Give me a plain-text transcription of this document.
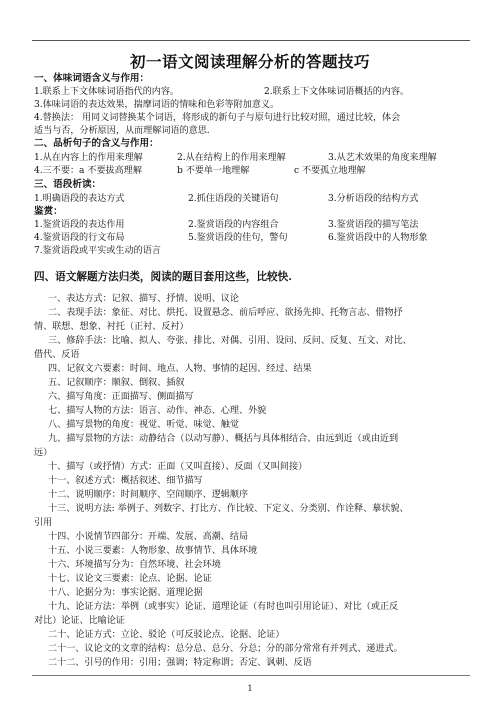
初一语文阅读理解分析的答题技巧
一、体味词语含义与作用：
1.联系上下文体味词语指代的内容。	2.联系上下文体味词语概括的内容。
3.体味词语的表达效果，揣摩词语的情味和色彩等附加意义。
4.替换法： 用同义词替换某个词语，将形成的新句子与原句进行比较对照，通过比较，体会
适当与否，分析原因，从而理解词语的意思.
二、品析句子的含义与作用：
1.从在内容上的作用来理解	2.从在结构上的作用来理解	3.从艺术效果的角度来理解
4.三不要：a 不要拔高理解	b 不要单一地理解	c 不要孤立地理解
三、语段析读：
1.明确语段的表达方式	2.抓住语段的关键语句	3.分析语段的结构方式
鉴赏：
1.鉴赏语段的表达作用	2.鉴赏语段的内容组合	3.鉴赏语段的描写笔法
4.鉴赏语段的行文布局	5.鉴赏语段的佳句，警句	6.鉴赏语段中的人物形象
7.鉴赏语段或平实或生动的语言
四、语文解题方法归类，阅读的题目套用这些，比较快.
一、表达方式：记叙、描写、抒情、说明、议论
二、表现手法：象征、对比、烘托、设置悬念、前后呼应、欲扬先抑、托物言志、借物抒
情、联想、想象、衬托（正衬、反衬）
三、修辞手法：比喻、拟人、夸张、排比、对偶、引用、设问、反问、反复、互文、对比、
借代、反语
四、记叙文六要素：时间、地点、人物、事情的起因、经过、结果
五、记叙顺序：顺叙、倒叙、插叙
六、描写角度：正面描写、侧面描写
七、描写人物的方法：语言、动作、神态、心理、外貌
八、描写景物的角度：视觉、听觉、味觉、触觉
九、描写景物的方法：动静结合（以动写静）、概括与具体相结合、由远到近（或由近到
远）
十、描写（或抒情）方式：正面（又叫直接）、反面（又叫间接）
十一、叙述方式：概括叙述、细节描写
十二、说明顺序：时间顺序、空间顺序、逻辑顺序
十三、说明方法: 举例子、列数字、打比方、作比较、下定义、分类别、作诠释、摹状貌、
引用
十四、小说情节四部分：开端、发展、高潮、结局
十五、小说三要素：人物形象、故事情节、具体环境
十六、环境描写分为：自然环境、社会环境
十七、议论文三要素：论点、论据、论证
十八、论据分为：事实论据、道理论据
十九、论证方法：举例（或事实）论证、道理论证（有时也叫引用论证）、对比（或正反
对比）论证、比喻论证
二十、论证方式：立论、驳论（可反驳论点、论据、论证）
二十一、议论文的文章的结构：总分总、总分、分总；分的部分常常有并列式、递进式。
二十二、引号的作用：引用；强调；特定称谓；否定、讽刺、反语
1
